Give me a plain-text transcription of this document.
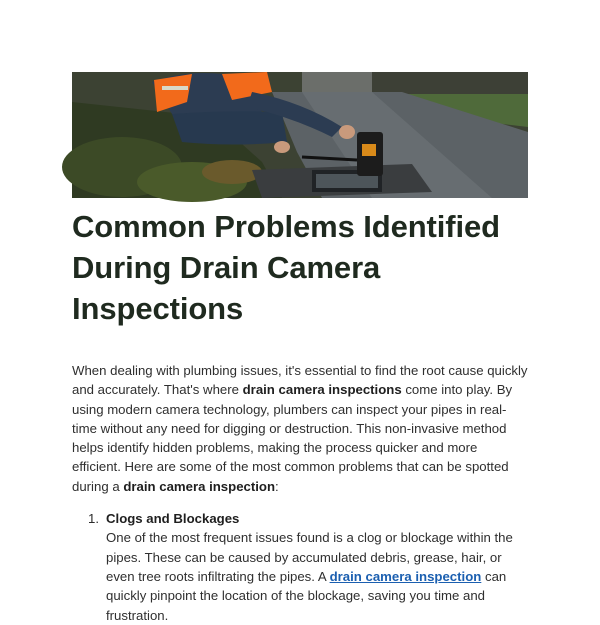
Common Problems Identified During Drain Camera Inspections

When dealing with plumbing issues, it's essential to find the root cause quickly and accurately. That's where drain camera inspections come into play. By using modern camera technology, plumbers can inspect your pipes in real-time without any need for digging or destruction. This non-invasive method helps identify hidden problems, making the process quicker and more efficient. Here are some of the most common problems that can be spotted during a drain camera inspection:

1. Clogs and Blockages
One of the most frequent issues found is a clog or blockage within the pipes. These can be caused by accumulated debris, grease, hair, or even tree roots infiltrating the pipes. A drain camera inspection can quickly pinpoint the location of the blockage, saving you time and frustration.
